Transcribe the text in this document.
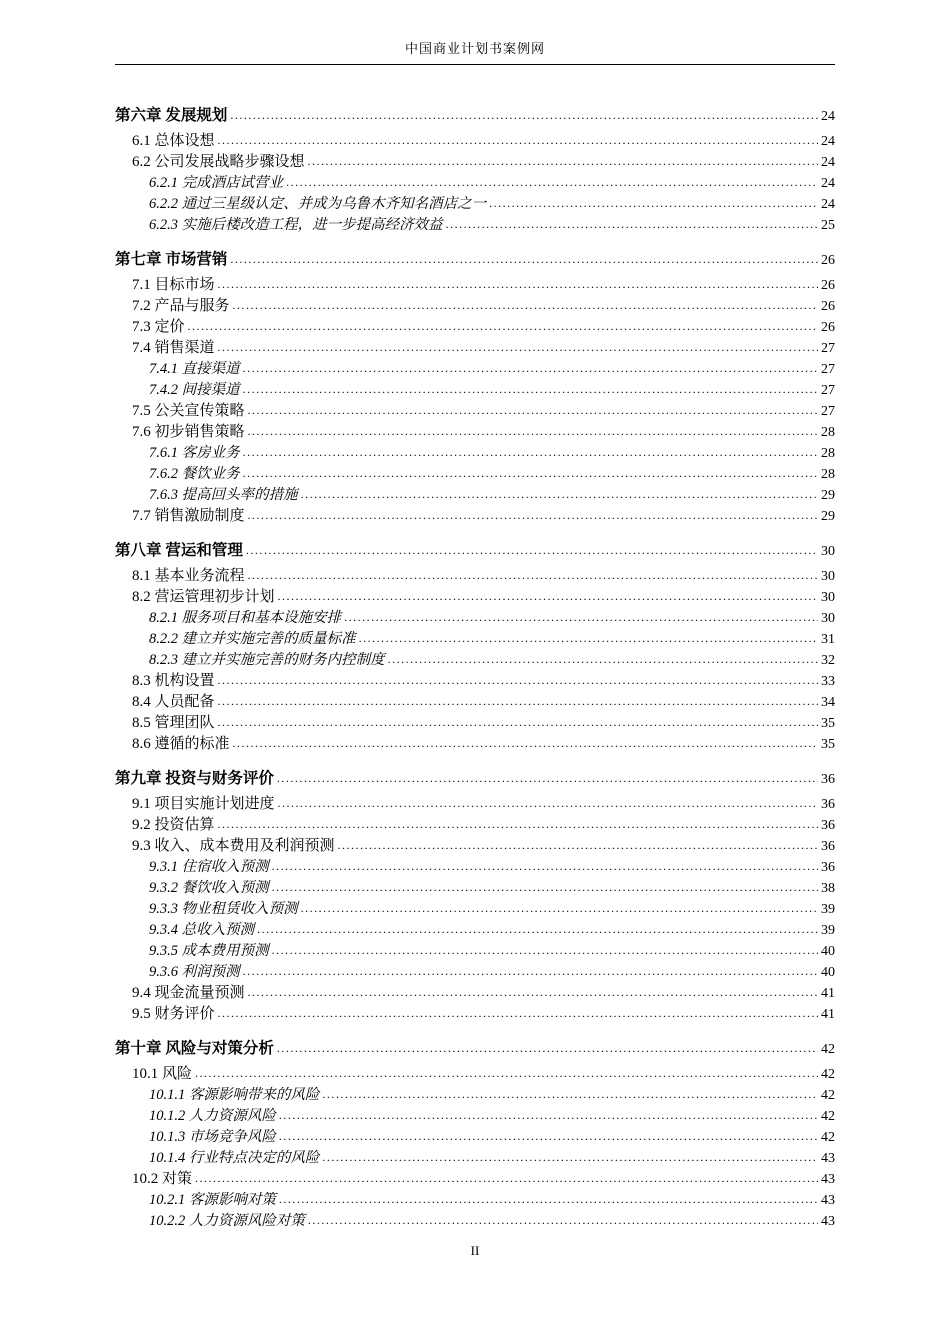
中国商业计划书案例网
第六章 发展规划 .....	24
6.1 总体设想 .....	24
6.2 公司发展战略步骤设想 .....	24
6.2.1 完成酒店试营业 .....	24
6.2.2 通过三星级认定、并成为乌鲁木齐知名酒店之一 .....	24
6.2.3 实施后楼改造工程，进一步提高经济效益 .....	25
第七章 市场营销 .....	26
7.1 目标市场 .....	26
7.2 产品与服务 .....	26
7.3 定价 .....	26
7.4 销售渠道 .....	27
7.4.1 直接渠道 .....	27
7.4.2 间接渠道 .....	27
7.5 公关宣传策略 .....	27
7.6 初步销售策略 .....	28
7.6.1 客房业务 .....	28
7.6.2 餐饮业务 .....	28
7.6.3 提高回头率的措施 .....	29
7.7 销售激励制度 .....	29
第八章 营运和管理 .....	30
8.1 基本业务流程 .....	30
8.2 营运管理初步计划 .....	30
8.2.1 服务项目和基本设施安排 .....	30
8.2.2 建立并实施完善的质量标准 .....	31
8.2.3 建立并实施完善的财务内控制度 .....	32
8.3 机构设置 .....	33
8.4 人员配备 .....	34
8.5 管理团队 .....	35
8.6 遵循的标准 .....	35
第九章 投资与财务评价 .....	36
9.1 项目实施计划进度 .....	36
9.2 投资估算 .....	36
9.3 收入、成本费用及利润预测 .....	36
9.3.1 住宿收入预测 .....	36
9.3.2 餐饮收入预测 .....	38
9.3.3 物业租赁收入预测 .....	39
9.3.4 总收入预测 .....	39
9.3.5 成本费用预测 .....	40
9.3.6 利润预测 .....	40
9.4 现金流量预测 .....	41
9.5 财务评价 .....	41
第十章 风险与对策分析 .....	42
10.1 风险 .....	42
10.1.1 客源影响带来的风险 .....	42
10.1.2 人力资源风险 .....	42
10.1.3 市场竞争风险 .....	42
10.1.4 行业特点决定的风险 .....	43
10.2 对策 .....	43
10.2.1 客源影响对策 .....	43
10.2.2 人力资源风险对策 .....	43
II
